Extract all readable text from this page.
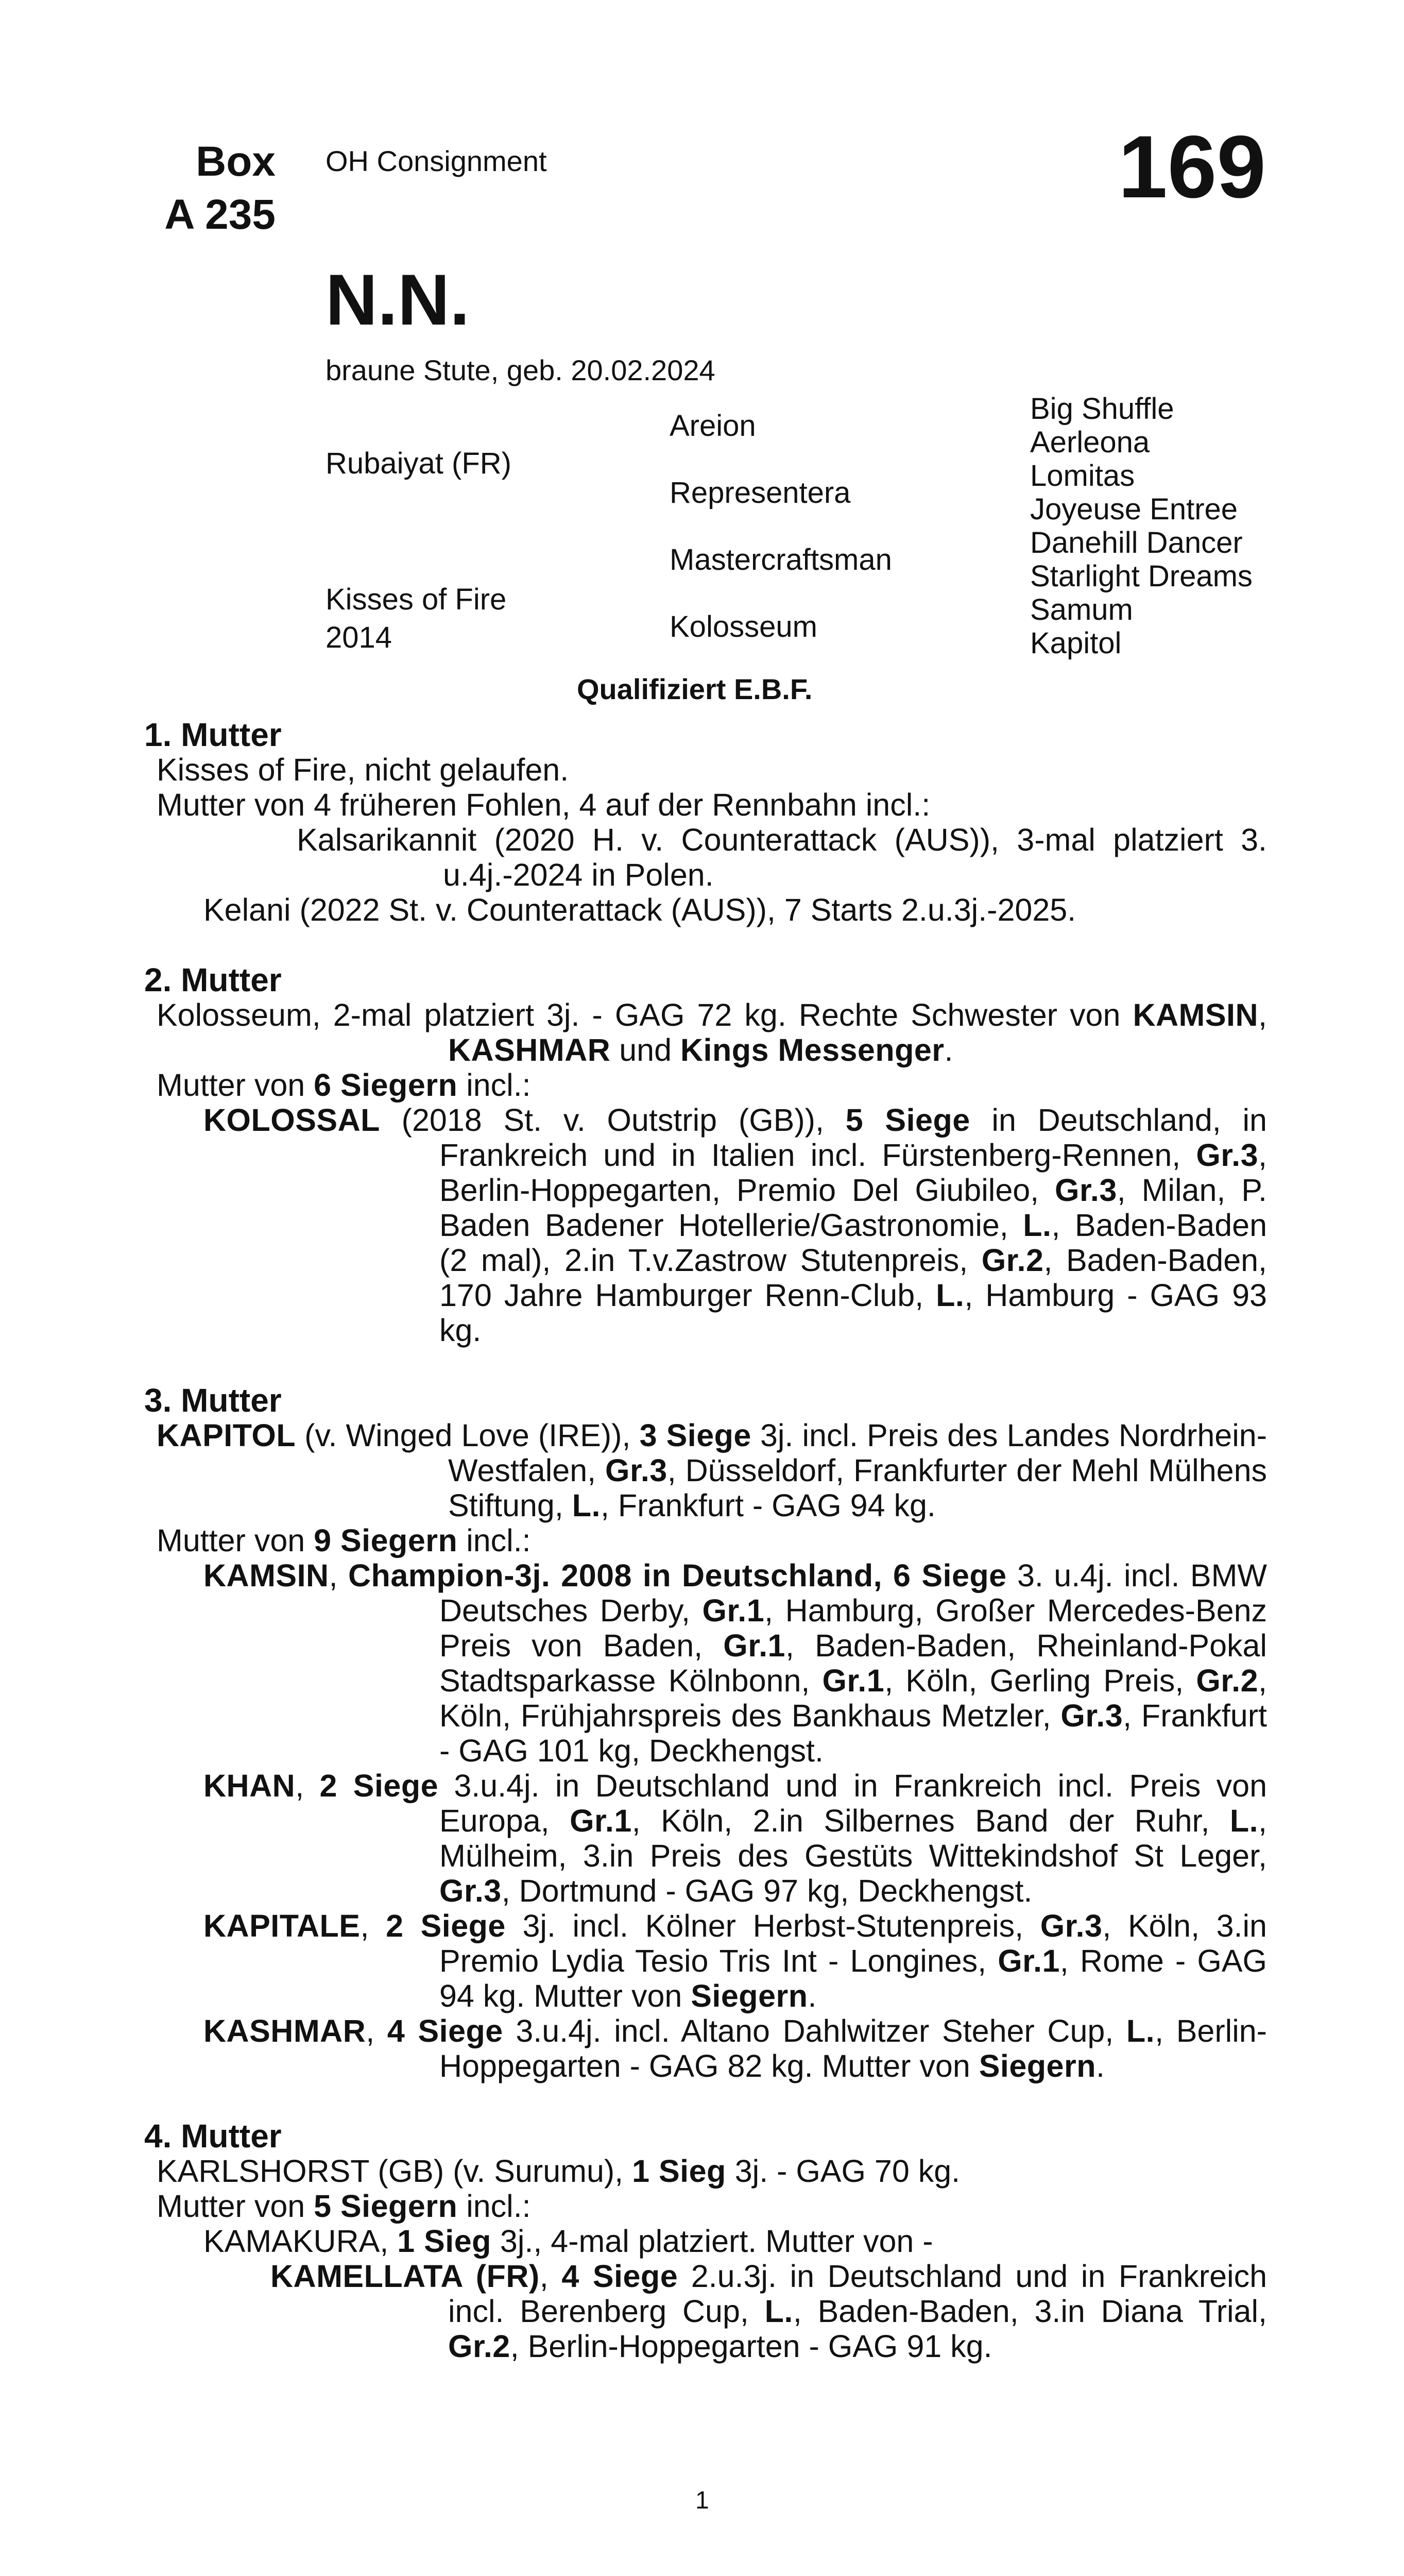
Box
A 235
OH Consignment	169
N.N.
braune Stute, geb. 20.02.2024
Rubaiyat (FR)
Kisses of Fire
2014
Areion
Representera
Mastercraftsman
Kolosseum
Big Shuffle
Aerleona
Lomitas
Joyeuse Entree
Danehill Dancer
Starlight Dreams
Samum
Kapitol
Qualifiziert E.B.F.
1. Mutter
Kisses of Fire, nicht gelaufen.
Mutter von 4 früheren Fohlen, 4 auf der Rennbahn incl.:
Kalsarikannit (2020 H. v. Counterattack (AUS)), 3-mal platziert 3. u.4j.-2024 in Polen.
Kelani (2022 St. v. Counterattack (AUS)), 7 Starts 2.u.3j.-2025.
2. Mutter
Kolosseum, 2-mal platziert 3j. - GAG 72 kg. Rechte Schwester von KAMSIN, KASHMAR und Kings Messenger.
Mutter von 6 Siegern incl.:
KOLOSSAL (2018 St. v. Outstrip (GB)), 5 Siege in Deutschland, in Frankreich und in Italien incl. Fürstenberg-Rennen, Gr.3, Berlin-Hoppegarten, Premio Del Giubileo, Gr.3, Milan, P. Baden Badener Hotellerie/Gastronomie, L., Baden-Baden (2 mal), 2.in T.v.Zastrow Stutenpreis, Gr.2, Baden-Baden, 170 Jahre Hamburger Renn-Club, L., Hamburg - GAG 93 kg.
3. Mutter
KAPITOL (v. Winged Love (IRE)), 3 Siege 3j. incl. Preis des Landes Nordrhein-Westfalen, Gr.3, Düsseldorf, Frankfurter der Mehl Mülhens Stiftung, L., Frankfurt - GAG 94 kg.
Mutter von 9 Siegern incl.:
KAMSIN, Champion-3j. 2008 in Deutschland, 6 Siege 3. u.4j. incl. BMW Deutsches Derby, Gr.1, Hamburg, Großer Mercedes-Benz Preis von Baden, Gr.1, Baden-Baden, Rheinland-Pokal Stadtsparkasse Kölnbonn, Gr.1, Köln, Gerling Preis, Gr.2, Köln, Frühjahrspreis des Bankhaus Metzler, Gr.3, Frankfurt - GAG 101 kg, Deckhengst.
KHAN, 2 Siege 3.u.4j. in Deutschland und in Frankreich incl. Preis von Europa, Gr.1, Köln, 2.in Silbernes Band der Ruhr, L., Mülheim, 3.in Preis des Gestüts Wittekindshof St Leger, Gr.3, Dortmund - GAG 97 kg, Deckhengst.
KAPITALE, 2 Siege 3j. incl. Kölner Herbst-Stutenpreis, Gr.3, Köln, 3.in Premio Lydia Tesio Tris Int - Longines, Gr.1, Rome - GAG 94 kg. Mutter von Siegern.
KASHMAR, 4 Siege 3.u.4j. incl. Altano Dahlwitzer Steher Cup, L., Berlin-Hoppegarten - GAG 82 kg. Mutter von Siegern.
4. Mutter
KARLSHORST (GB) (v. Surumu), 1 Sieg 3j. - GAG 70 kg.
Mutter von 5 Siegern incl.:
KAMAKURA, 1 Sieg 3j., 4-mal platziert. Mutter von -
KAMELLATA (FR), 4 Siege 2.u.3j. in Deutschland und in Frankreich incl. Berenberg Cup, L., Baden-Baden, 3.in Diana Trial, Gr.2, Berlin-Hoppegarten - GAG 91 kg.
1
